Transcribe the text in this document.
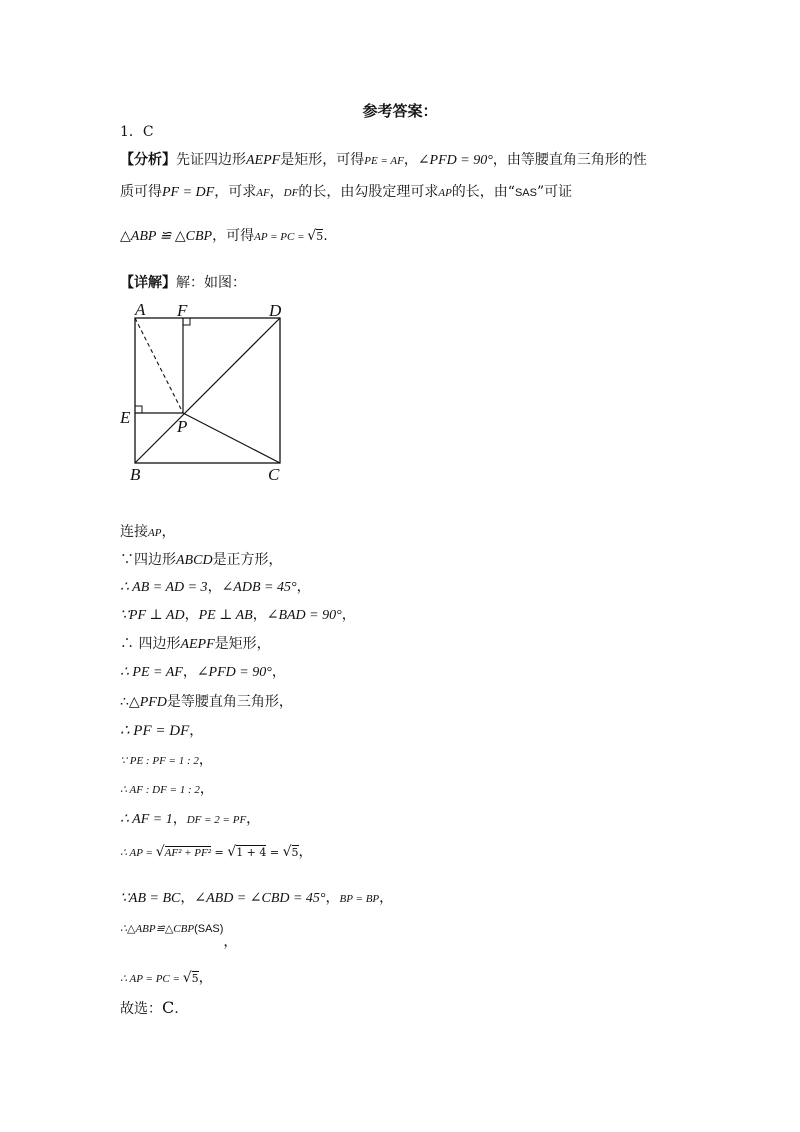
参考答案：
1．C
【分析】先证四边形AEPF是矩形，可得PE = AF，∠PFD = 90°，由等腰直角三角形的性
质可得PF = DF，可求AF，DF的长，由勾股定理可求AP的长，由“SAS”可证
△ABP ≌ △CBP，可得AP = PC = √5.
【详解】解：如图：
A F	D
E	P
B	C
连接AP，
∵四边形ABCD是正方形，
∴ AB = AD = 3，∠ADB = 45°，
∵PF ⊥ AD，PE ⊥ AB，∠BAD = 90°，
∴ 四边形AEPF是矩形，
∴ PE = AF，∠PFD = 90°，
∴△PFD是等腰直角三角形，
∴ PF = DF，
∵ PE : PF = 1 : 2，
∴ AF : DF = 1 : 2，
∴ AF = 1，DF = 2 = PF，
∴ AP = √AF² + PF² = √1 + 4 = √5，
∵AB = BC，∠ABD = ∠CBD = 45°，BP = BP，
∴△ABP≌△CBP(SAS)，
∴ AP = PC = √5，
故选：C.
